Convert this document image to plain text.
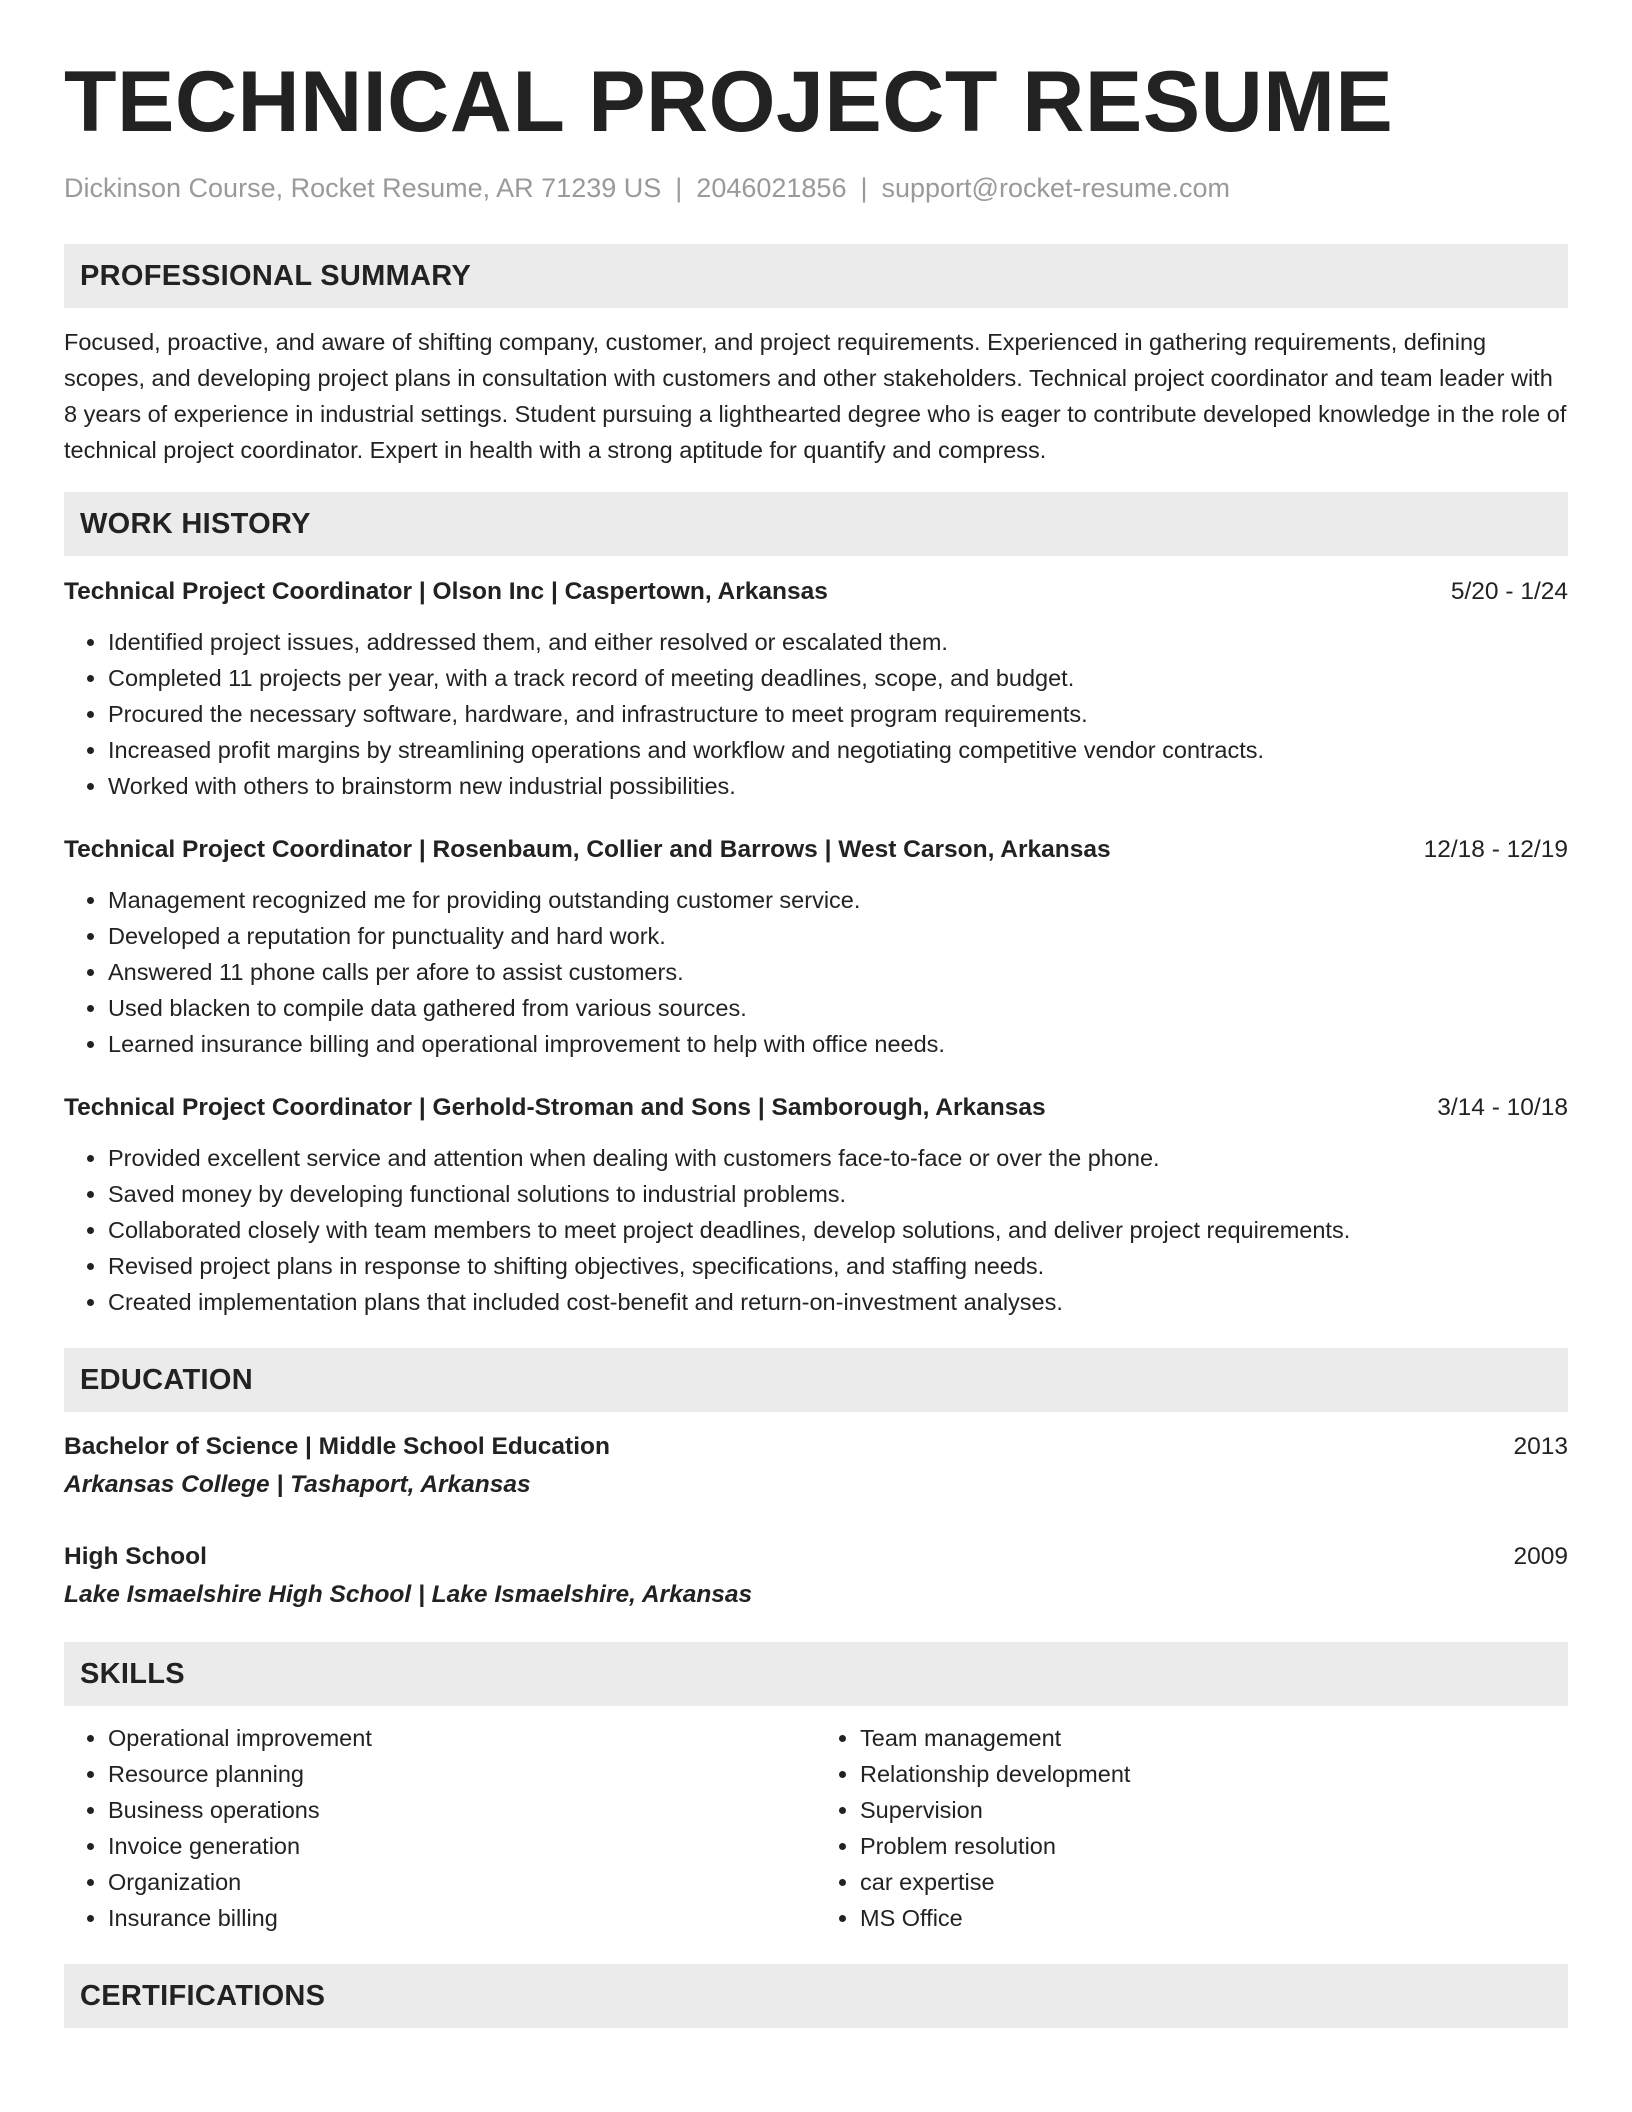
TECHNICAL PROJECT RESUME
Dickinson Course, Rocket Resume, AR 71239 US | 2046021856 | support@rocket-resume.com
PROFESSIONAL SUMMARY
Focused, proactive, and aware of shifting company, customer, and project requirements. Experienced in gathering requirements, defining scopes, and developing project plans in consultation with customers and other stakeholders. Technical project coordinator and team leader with 8 years of experience in industrial settings. Student pursuing a lighthearted degree who is eager to contribute developed knowledge in the role of technical project coordinator. Expert in health with a strong aptitude for quantify and compress.
WORK HISTORY
Technical Project Coordinator | Olson Inc | Caspertown, Arkansas	5/20 - 1/24
• Identified project issues, addressed them, and either resolved or escalated them.
• Completed 11 projects per year, with a track record of meeting deadlines, scope, and budget.
• Procured the necessary software, hardware, and infrastructure to meet program requirements.
• Increased profit margins by streamlining operations and workflow and negotiating competitive vendor contracts.
• Worked with others to brainstorm new industrial possibilities.
Technical Project Coordinator | Rosenbaum, Collier and Barrows | West Carson, Arkansas	12/18 - 12/19
• Management recognized me for providing outstanding customer service.
• Developed a reputation for punctuality and hard work.
• Answered 11 phone calls per afore to assist customers.
• Used blacken to compile data gathered from various sources.
• Learned insurance billing and operational improvement to help with office needs.
Technical Project Coordinator | Gerhold-Stroman and Sons | Samborough, Arkansas	3/14 - 10/18
• Provided excellent service and attention when dealing with customers face-to-face or over the phone.
• Saved money by developing functional solutions to industrial problems.
• Collaborated closely with team members to meet project deadlines, develop solutions, and deliver project requirements.
• Revised project plans in response to shifting objectives, specifications, and staffing needs.
• Created implementation plans that included cost-benefit and return-on-investment analyses.
EDUCATION
Bachelor of Science | Middle School Education	2013
Arkansas College | Tashaport, Arkansas
High School	2009
Lake Ismaelshire High School | Lake Ismaelshire, Arkansas
SKILLS
• Operational improvement
• Resource planning
• Business operations
• Invoice generation
• Organization
• Insurance billing
• Team management
• Relationship development
• Supervision
• Problem resolution
• car expertise
• MS Office
CERTIFICATIONS
